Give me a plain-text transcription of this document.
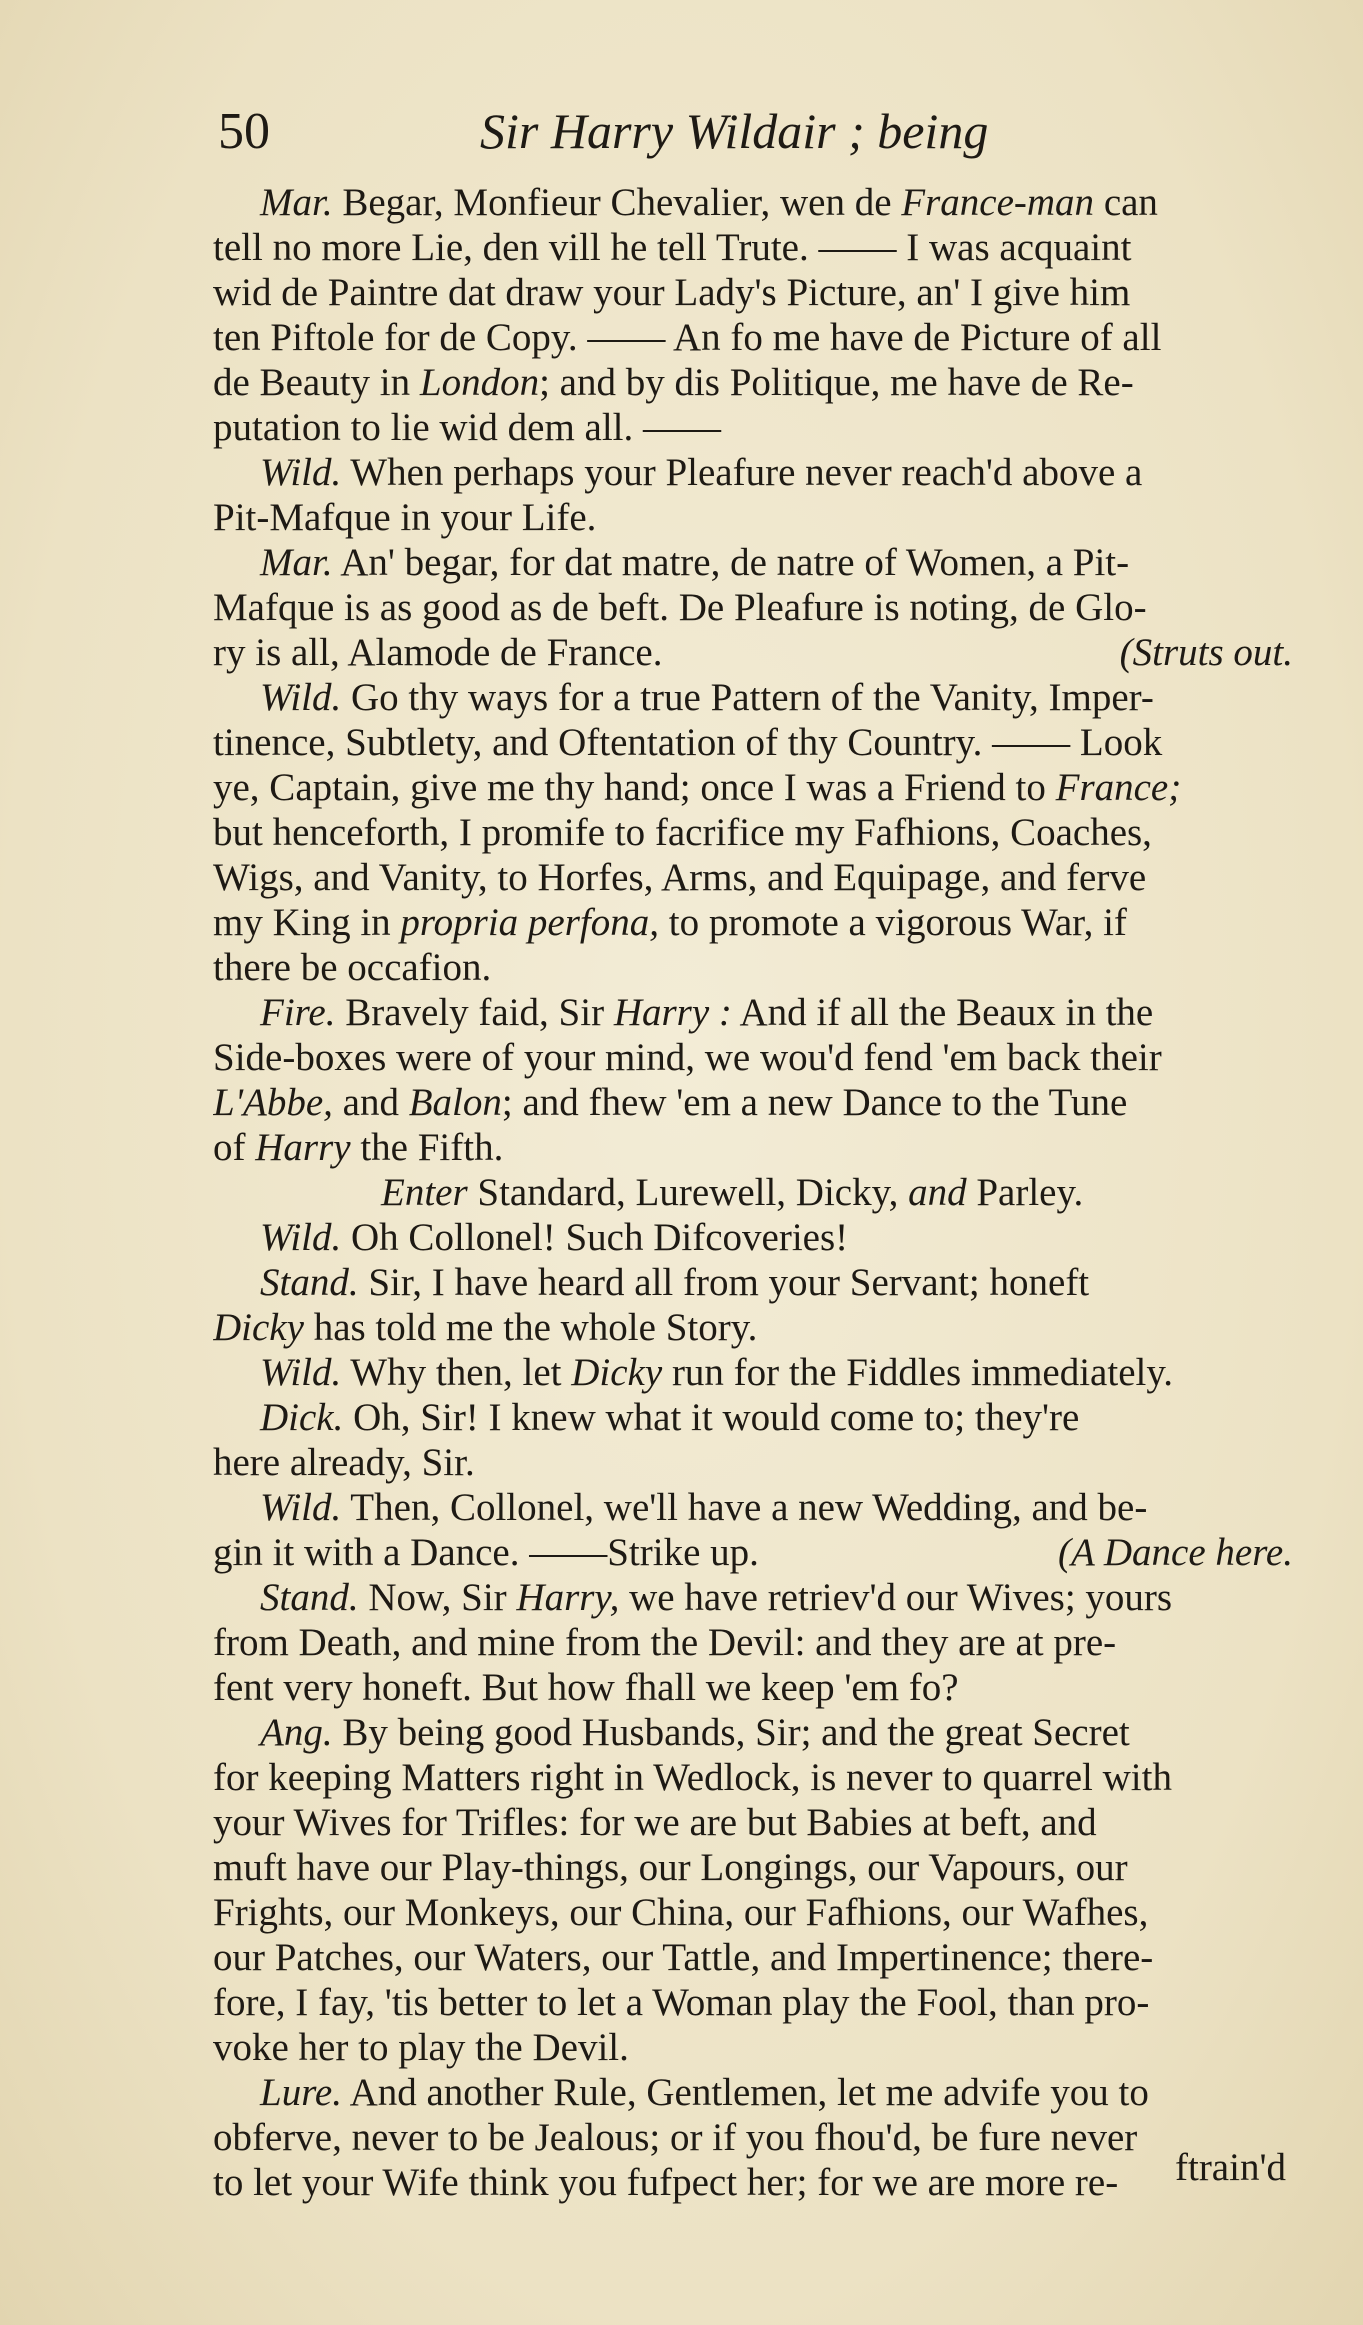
50	Sir Harry Wildair ; being
Mar. Begar, Monfieur Chevalier, wen de France-man can
tell no more Lie, den vill he tell Trute. —— I was acquaint
wid de Paintre dat draw your Lady's Picture, an' I give him
ten Piftole for de Copy. —— An fo me have de Picture of all
de Beauty in London; and by dis Politique, me have de Re-
putation to lie wid dem all. ——
Wild. When perhaps your Pleafure never reach'd above a
Pit-Mafque in your Life.
Mar. An' begar, for dat matre, de natre of Women, a Pit-
Mafque is as good as de beft. De Pleafure is noting, de Glo-
(Struts out.
ry is all, Alamode de France.
Wild. Go thy ways for a true Pattern of the Vanity, Imper-
tinence, Subtlety, and Oftentation of thy Country. —— Look
ye, Captain, give me thy hand; once I was a Friend to France;
but henceforth, I promife to facrifice my Fafhions, Coaches,
Wigs, and Vanity, to Horfes, Arms, and Equipage, and ferve
my King in propria perfona, to promote a vigorous War, if
there be occafion.
Fire. Bravely faid, Sir Harry : And if all the Beaux in the
Side-boxes were of your mind, we wou'd fend 'em back their
L'Abbe, and Balon; and fhew 'em a new Dance to the Tune
of Harry the Fifth.
Enter Standard, Lurewell, Dicky, and Parley.
Wild. Oh Collonel! Such Difcoveries!
Stand. Sir, I have heard all from your Servant; honeft
Dicky has told me the whole Story.
Wild. Why then, let Dicky run for the Fiddles immediately.
Dick. Oh, Sir! I knew what it would come to; they're
here already, Sir.
Wild. Then, Collonel, we'll have a new Wedding, and be-
(A Dance here.
gin it with a Dance. ——Strike up.
Stand. Now, Sir Harry, we have retriev'd our Wives; yours
from Death, and mine from the Devil: and they are at pre-
fent very honeft. But how fhall we keep 'em fo?
Ang. By being good Husbands, Sir; and the great Secret
for keeping Matters right in Wedlock, is never to quarrel with
your Wives for Trifles: for we are but Babies at beft, and
muft have our Play-things, our Longings, our Vapours, our
Frights, our Monkeys, our China, our Fafhions, our Wafhes,
our Patches, our Waters, our Tattle, and Impertinence; there-
fore, I fay, 'tis better to let a Woman play the Fool, than pro-
voke her to play the Devil.
Lure. And another Rule, Gentlemen, let me advife you to
obferve, never to be Jealous; or if you fhou'd, be fure never
to let your Wife think you fufpect her; for we are more re-	ftrain'd
